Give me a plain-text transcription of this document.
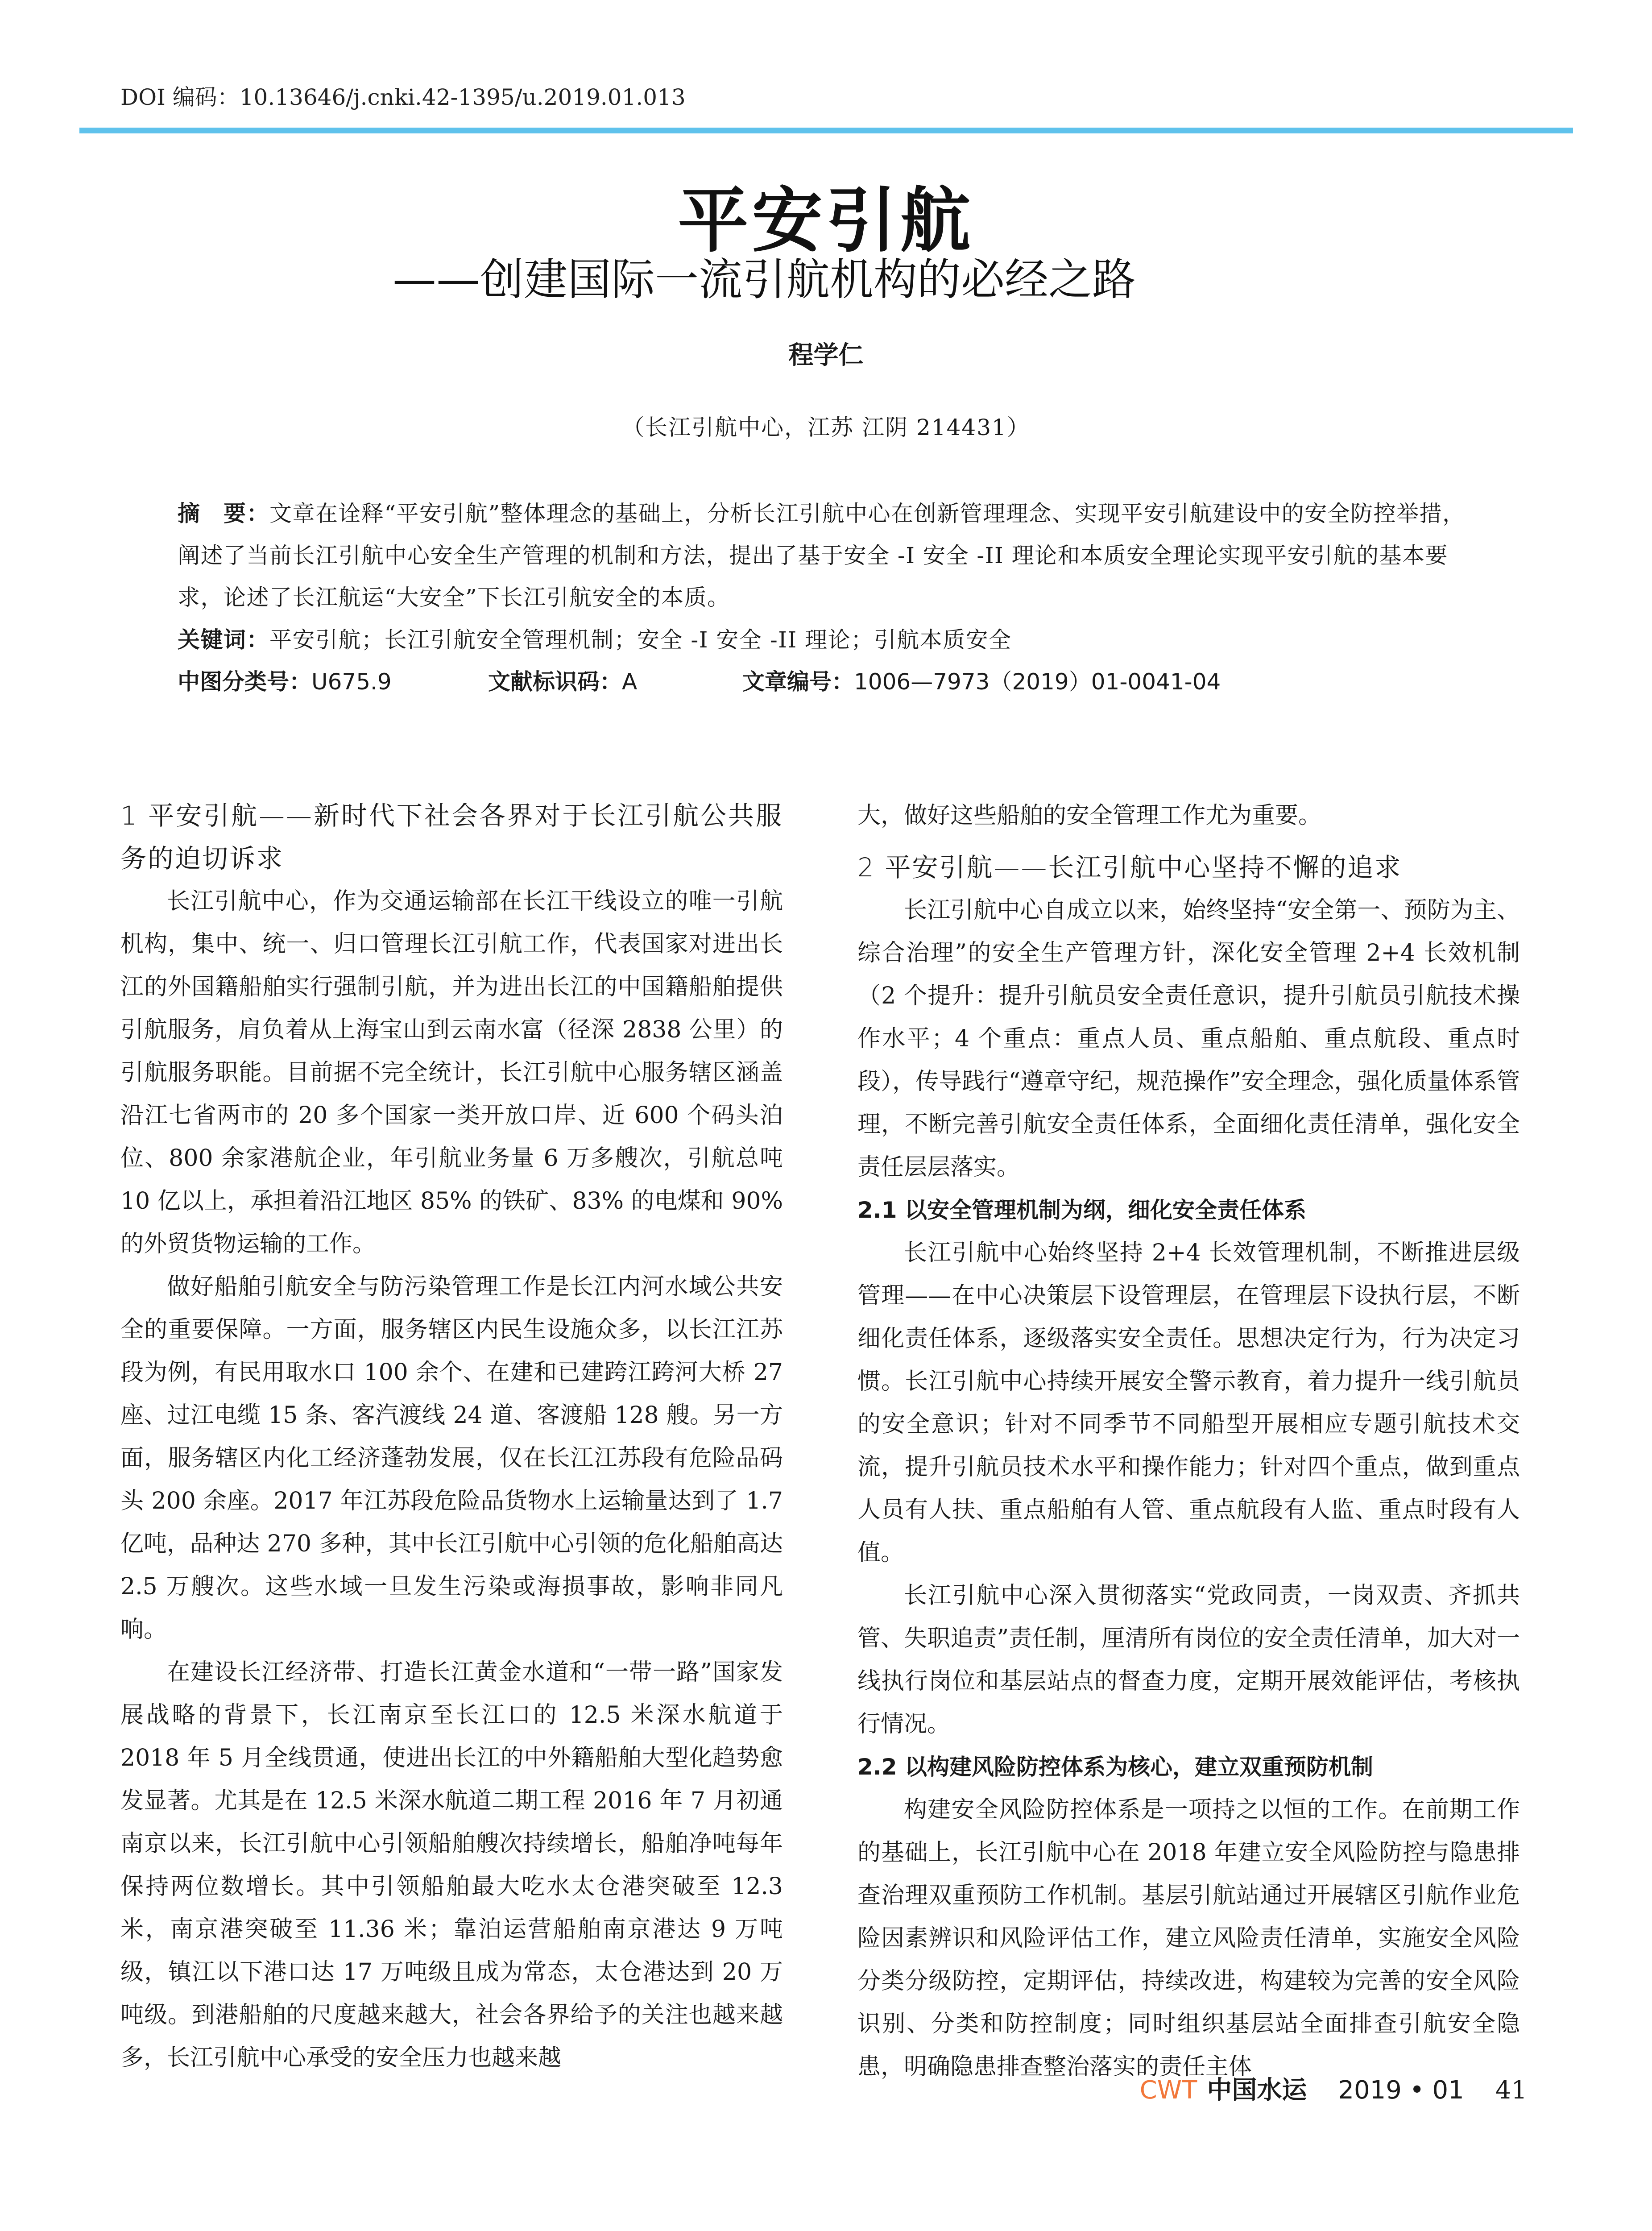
DOI 编码：10.13646/j.cnki.42-1395/u.2019.01.013
平安引航
——创建国际一流引航机构的必经之路
程学仁
（长江引航中心，江苏 江阴 214431）
摘　要：文章在诠释“平安引航”整体理念的基础上，分析长江引航中心在创新管理理念、实现平安引航建设中的安全防控举措，阐述了当前长江引航中心安全生产管理的机制和方法，提出了基于安全 -I 安全 -II 理论和本质安全理论实现平安引航的基本要求，论述了长江航运“大安全”下长江引航安全的本质。
关键词：平安引航；长江引航安全管理机制；安全 -I 安全 -II 理论；引航本质安全
中图分类号：U675.9	文献标识码：A	文章编号：1006—7973（2019）01-0041-04

1 平安引航——新时代下社会各界对于长江引航公共服务的迫切诉求

长江引航中心，作为交通运输部在长江干线设立的唯一引航机构，集中、统一、归口管理长江引航工作，代表国家对进出长江的外国籍船舶实行强制引航，并为进出长江的中国籍船舶提供引航服务，肩负着从上海宝山到云南水富（径深 2838 公里）的引航服务职能。目前据不完全统计，长江引航中心服务辖区涵盖沿江七省两市的 20 多个国家一类开放口岸、近 600 个码头泊位、800 余家港航企业，年引航业务量 6 万多艘次，引航总吨 10 亿以上，承担着沿江地区 85% 的铁矿、83% 的电煤和 90% 的外贸货物运输的工作。

做好船舶引航安全与防污染管理工作是长江内河水域公共安全的重要保障。一方面，服务辖区内民生设施众多，以长江江苏段为例，有民用取水口 100 余个、在建和已建跨江跨河大桥 27 座、过江电缆 15 条、客汽渡线 24 道、客渡船 128 艘。另一方面，服务辖区内化工经济蓬勃发展，仅在长江江苏段有危险品码头 200 余座。2017 年江苏段危险品货物水上运输量达到了 1.7 亿吨，品种达 270 多种，其中长江引航中心引领的危化船舶高达 2.5 万艘次。这些水域一旦发生污染或海损事故，影响非同凡响。

在建设长江经济带、打造长江黄金水道和“一带一路”国家发展战略的背景下，长江南京至长江口的 12.5 米深水航道于 2018 年 5 月全线贯通，使进出长江的中外籍船舶大型化趋势愈发显著。尤其是在 12.5 米深水航道二期工程 2016 年 7 月初通南京以来，长江引航中心引领船舶艘次持续增长，船舶净吨每年保持两位数增长。其中引领船舶最大吃水太仓港突破至 12.3 米，南京港突破至 11.36 米；靠泊运营船舶南京港达 9 万吨级，镇江以下港口达 17 万吨级且成为常态，太仓港达到 20 万吨级。到港船舶的尺度越来越大，社会各界给予的关注也越来越多，长江引航中心承受的安全压力也越来越

大，做好这些船舶的安全管理工作尤为重要。

2 平安引航——长江引航中心坚持不懈的追求

长江引航中心自成立以来，始终坚持“安全第一、预防为主、综合治理”的安全生产管理方针，深化安全管理 2+4 长效机制（2 个提升：提升引航员安全责任意识，提升引航员引航技术操作水平；4 个重点：重点人员、重点船舶、重点航段、重点时段），传导践行“遵章守纪，规范操作”安全理念，强化质量体系管理，不断完善引航安全责任体系，全面细化责任清单，强化安全责任层层落实。

2.1 以安全管理机制为纲，细化安全责任体系

长江引航中心始终坚持 2+4 长效管理机制，不断推进层级管理——在中心决策层下设管理层，在管理层下设执行层，不断细化责任体系，逐级落实安全责任。思想决定行为，行为决定习惯。长江引航中心持续开展安全警示教育，着力提升一线引航员的安全意识；针对不同季节不同船型开展相应专题引航技术交流，提升引航员技术水平和操作能力；针对四个重点，做到重点人员有人扶、重点船舶有人管、重点航段有人监、重点时段有人值。

长江引航中心深入贯彻落实“党政同责，一岗双责、齐抓共管、失职追责”责任制，厘清所有岗位的安全责任清单，加大对一线执行岗位和基层站点的督查力度，定期开展效能评估，考核执行情况。

2.2 以构建风险防控体系为核心，建立双重预防机制

构建安全风险防控体系是一项持之以恒的工作。在前期工作的基础上，长江引航中心在 2018 年建立安全风险防控与隐患排查治理双重预防工作机制。基层引航站通过开展辖区引航作业危险因素辨识和风险评估工作，建立风险责任清单，实施安全风险分类分级防控，定期评估，持续改进，构建较为完善的安全风险识别、分类和防控制度；同时组织基层站全面排查引航安全隐患，明确隐患排查整治落实的责任主体

CWT 中国水运 2019 • 01 41
